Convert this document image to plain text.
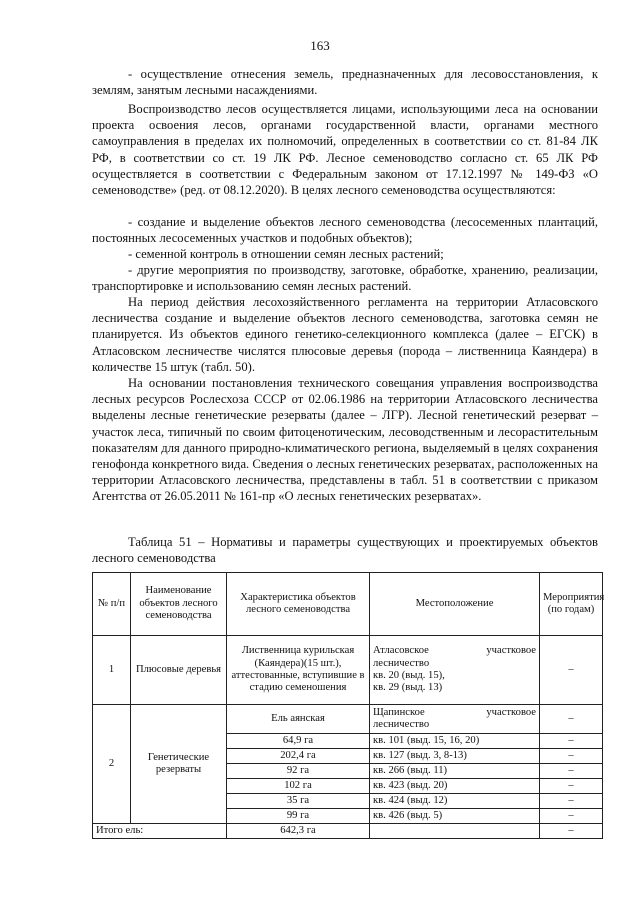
163

- осуществление отнесения земель, предназначенных для лесовосстановления, к землям, занятым лесными насаждениями.

Воспроизводство лесов осуществляется лицами, использующими леса на основании проекта освоения лесов, органами государственной власти, органами местного самоуправления в пределах их полномочий, определенных в соответствии со ст. 81-84 ЛК РФ, в соответствии со ст. 19 ЛК РФ. Лесное семеноводство согласно ст. 65 ЛК РФ осуществляется в соответствии с Федеральным законом от 17.12.1997 № 149-ФЗ «О семеноводстве» (ред. от 08.12.2020). В целях лесного семеноводства осуществляются:

- создание и выделение объектов лесного семеноводства (лесосеменных плантаций, постоянных лесосеменных участков и подобных объектов);

- семенной контроль в отношении семян лесных растений;

- другие мероприятия по производству, заготовке, обработке, хранению, реализации, транспортировке и использованию семян лесных растений.

На период действия лесохозяйственного регламента на территории Атласовского лесничества создание и выделение объектов лесного семеноводства, заготовка семян не планируется. Из объектов единого генетико-селекционного комплекса (далее – ЕГСК) в Атласовском лесничестве числятся плюсовые деревья (порода – лиственница Каяндера) в количестве 15 штук (табл. 50).

На основании постановления технического совещания управления воспроизводства лесных ресурсов Рослесхоза СССР от 02.06.1986 на территории Атласовского лесничества выделены лесные генетические резерваты (далее – ЛГР). Лесной генетический резерват – участок леса, типичный по своим фитоценотическим, лесоводственным и лесорастительным показателям для данного природно-климатического региона, выделяемый в целях сохранения генофонда конкретного вида. Сведения о лесных генетических резерватах, расположенных на территории Атласовского лесничества, представлены в табл. 51 в соответствии с приказом Агентства от 26.05.2011 № 161-пр «О лесных генетических резерватах».

Таблица 51 – Нормативы и параметры существующих и проектируемых объектов лесного семеноводства

№ п/п	Наименование объектов лесного семеноводства	Характеристика объектов лесного семеноводства	Местоположение	Мероприятия (по годам)
1	Плюсовые деревья	Лиственница курильская (Каяндера)(15 шт.), аттестованные, вступившие в стадию семеношения	Атласовское участковое
лесничество
кв. 20 (выд. 15),
кв. 29 (выд. 13)	–
2	Генетические резерваты	Ель аянская	Щапинское участковое
лесничество	–
		64,9 га	кв. 101 (выд. 15, 16, 20)	–
		202,4 га	кв. 127 (выд. 3, 8-13)	–
		92 га	кв. 266 (выд. 11)	–
		102 га	кв. 423 (выд. 20)	–
		35 га	кв. 424 (выд. 12)	–
		99 га	кв. 426 (выд. 5)	–
Итого ель:		642,3 га		–
